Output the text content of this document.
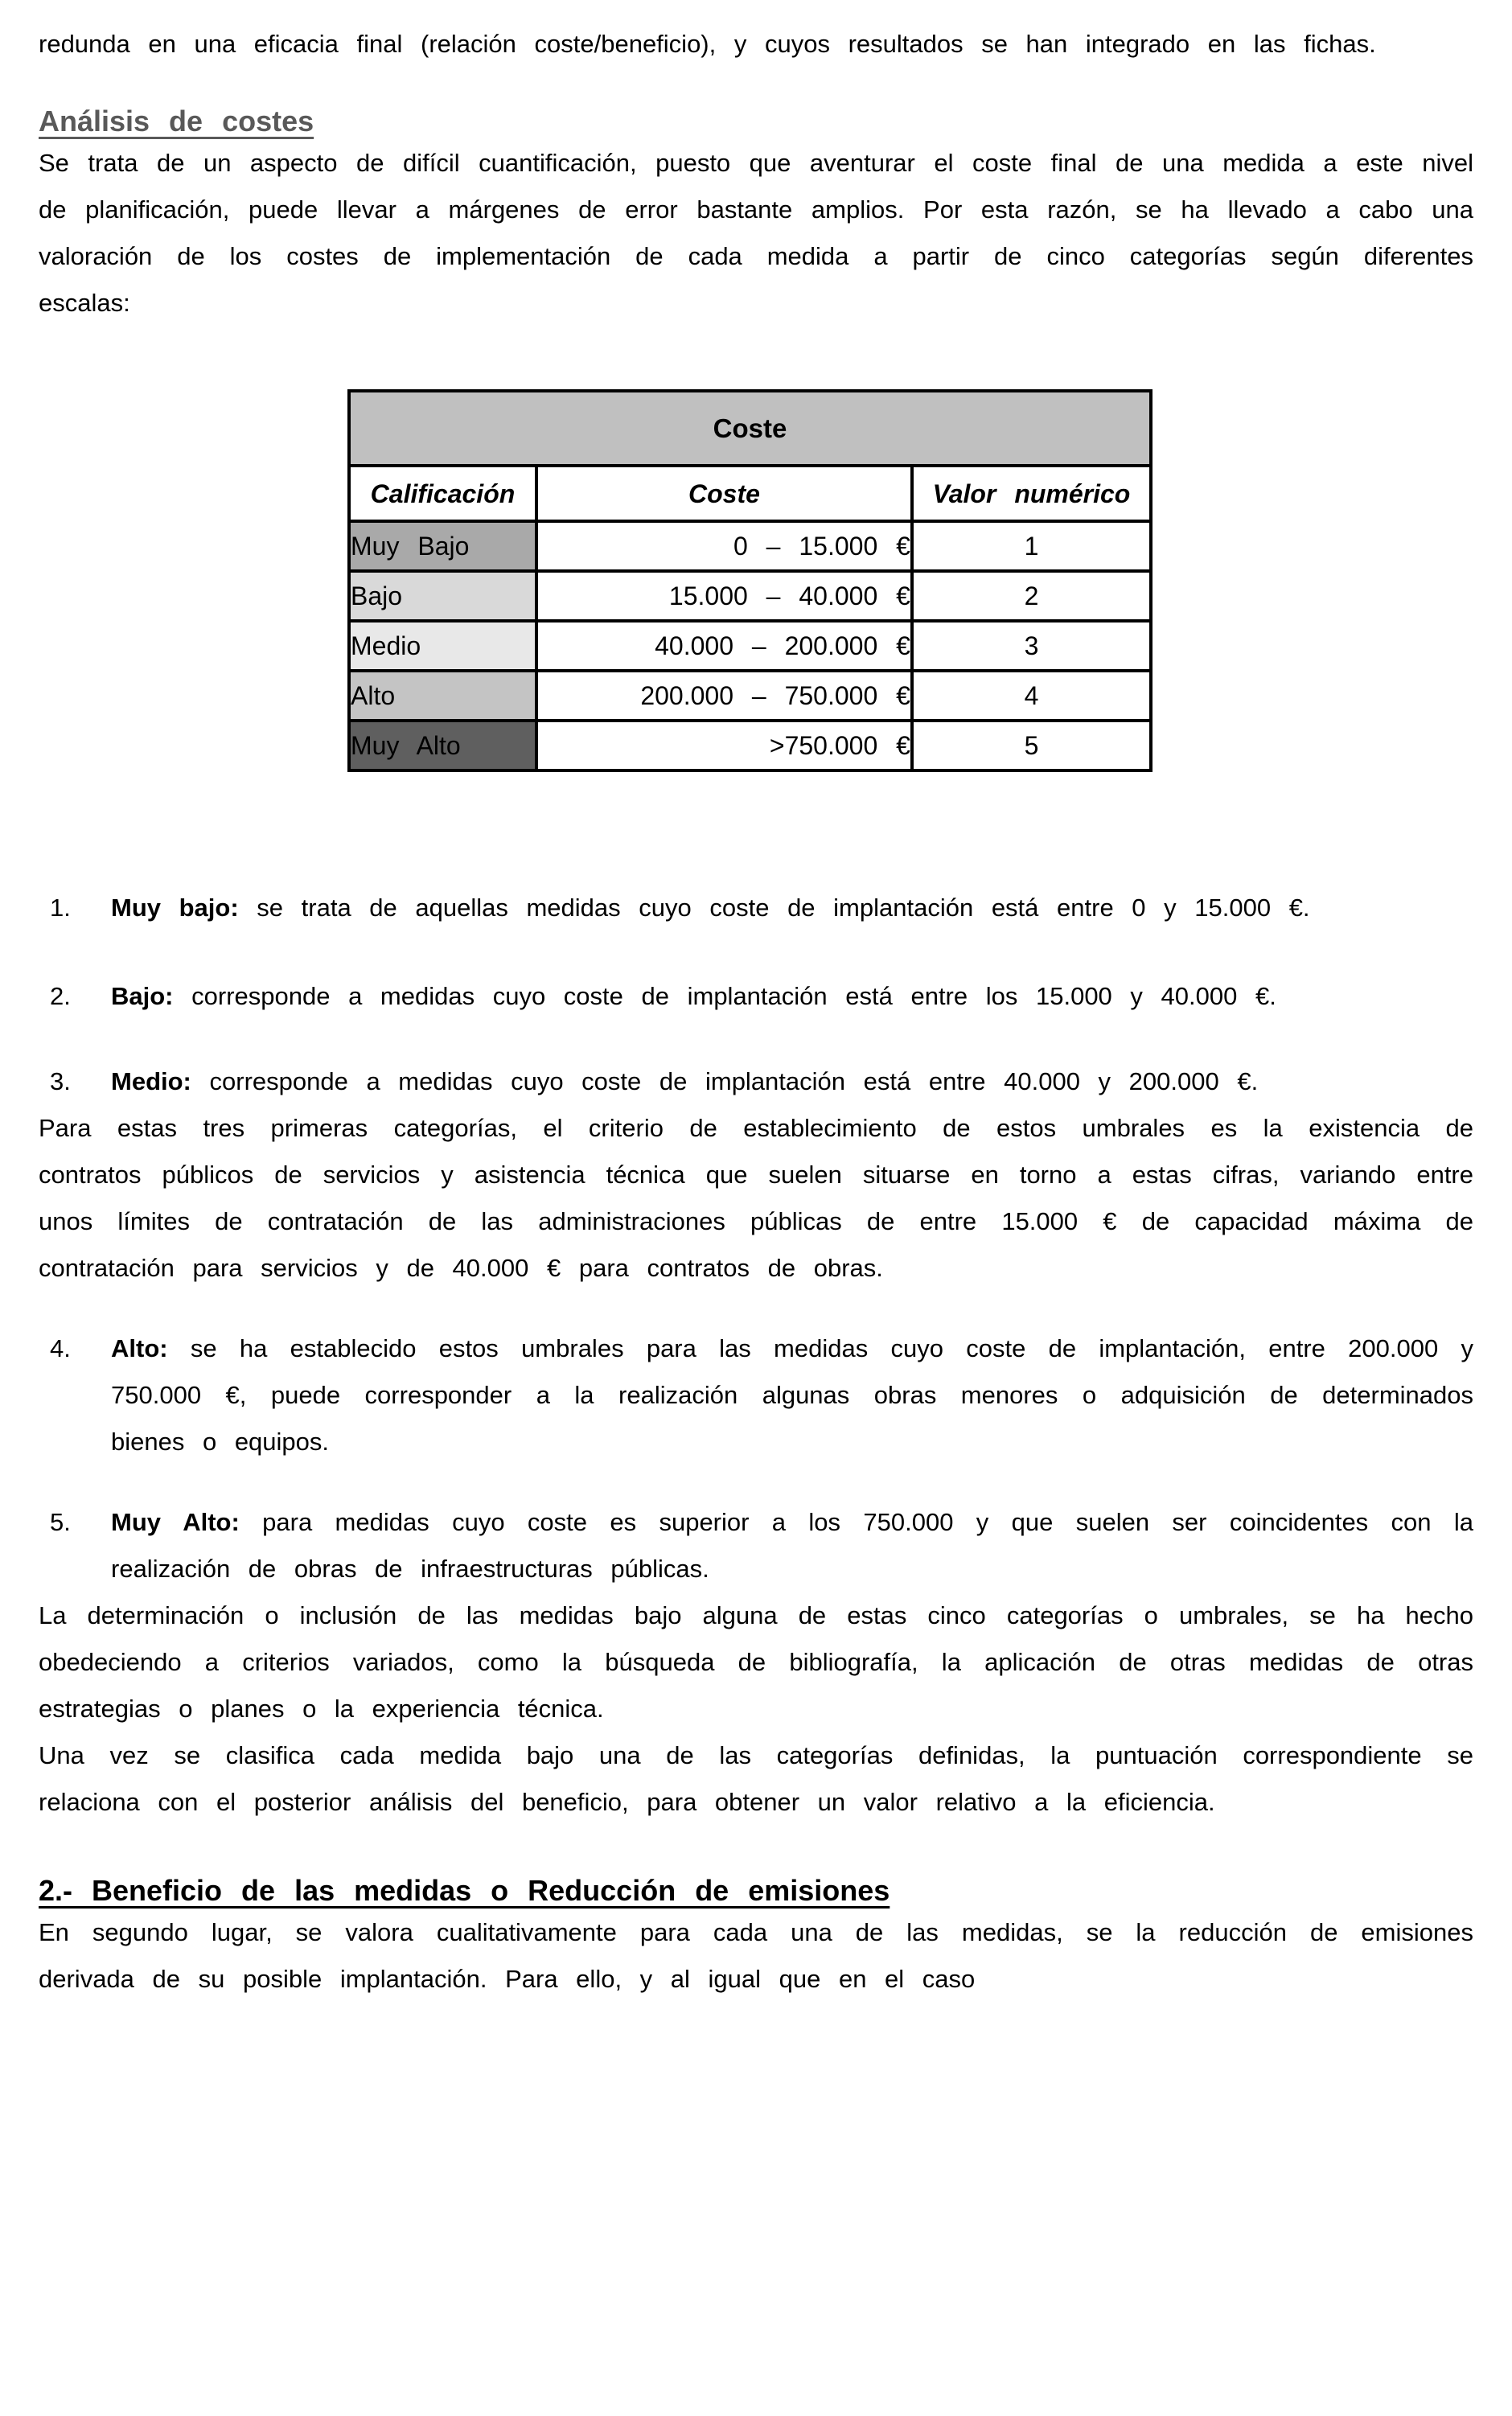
redunda en una eficacia final (relación coste/beneficio), y cuyos resultados se han integrado en las fichas.

Análisis de costes

Se trata de un aspecto de difícil cuantificación, puesto que aventurar el coste final de una medida a este nivel de planificación, puede llevar a márgenes de error bastante amplios. Por esta razón, se ha llevado a cabo una valoración de los costes de implementación de cada medida a partir de cinco categorías según diferentes escalas:

Coste		
Calificación	Coste	Valor numérico
Muy Bajo	0 – 15.000 €	1
Bajo	15.000 – 40.000 €	2
Medio	40.000 – 200.000 €	3
Alto	200.000 – 750.000 €	4
Muy Alto	>750.000 €	5
1.	Muy bajo: se trata de aquellas medidas cuyo coste de implantación está entre 0 y 15.000 €.
2.	Bajo: corresponde a medidas cuyo coste de implantación está entre los 15.000 y 40.000 €.
3.	Medio: corresponde a medidas cuyo coste de implantación está entre 40.000 y 200.000 €.

Para estas tres primeras categorías, el criterio de establecimiento de estos umbrales es la existencia de contratos públicos de servicios y asistencia técnica que suelen situarse en torno a estas cifras, variando entre unos límites de contratación de las administraciones públicas de entre 15.000 € de capacidad máxima de contratación para servicios y de 40.000 € para contratos de obras.

4.	Alto: se ha establecido estos umbrales para las medidas cuyo coste de implantación, entre 200.000 y 750.000 €, puede corresponder a la realización algunas obras menores o adquisición de determinados bienes o equipos.
5.	Muy Alto: para medidas cuyo coste es superior a los 750.000 y que suelen ser coincidentes con la realización de obras de infraestructuras públicas.

La determinación o inclusión de las medidas bajo alguna de estas cinco categorías o umbrales, se ha hecho obedeciendo a criterios variados, como la búsqueda de bibliografía, la aplicación de otras medidas de otras estrategias o planes o la experiencia técnica.

Una vez se clasifica cada medida bajo una de las categorías definidas, la puntuación correspondiente se relaciona con el posterior análisis del beneficio, para obtener un valor relativo a la eficiencia.

2.- Beneficio de las medidas o Reducción de emisiones

En segundo lugar, se valora cualitativamente para cada una de las medidas, se la reducción de emisiones derivada de su posible implantación. Para ello, y al igual que en el caso
